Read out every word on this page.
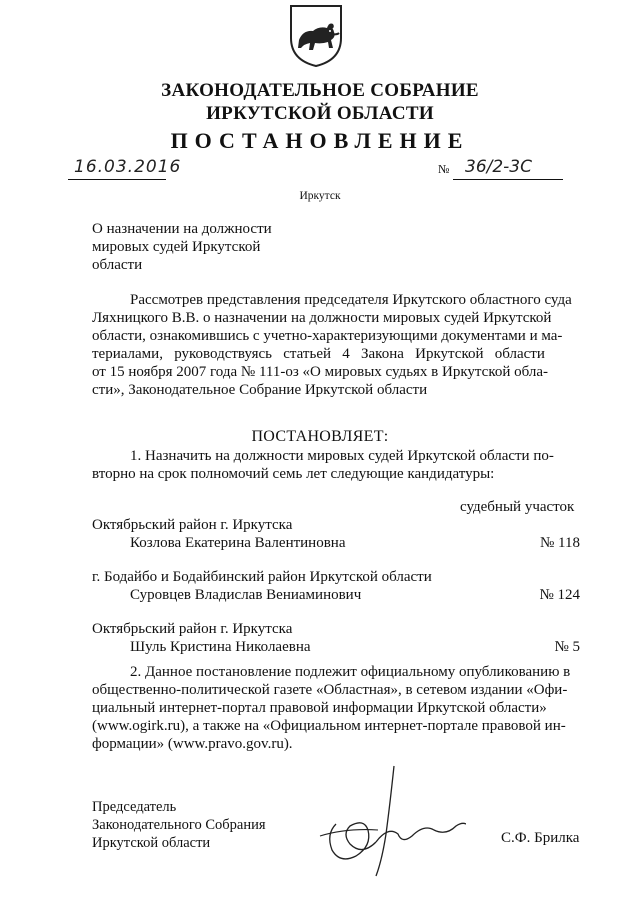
ЗАКОНОДАТЕЛЬНОЕ СОБРАНИЕ
ИРКУТСКОЙ ОБЛАСТИ
ПОСТАНОВЛЕНИЕ
16.03.2016	№ 36/2-3С
Иркутск
О назначении на должности
мировых судей Иркутской
области
Рассмотрев представления председателя Иркутского областного суда
Ляхницкого В.В. о назначении на должности мировых судей Иркутской
области, ознакомившись с учетно-характеризующими документами и ма-
териалами,   руководствуясь   статьей   4   Закона   Иркутской   области
от 15 ноября 2007 года № 111-оз «О мировых судьях в Иркутской обла-
сти», Законодательное Собрание Иркутской области
ПОСТАНОВЛЯЕТ:
1. Назначить на должности мировых судей Иркутской области по-
вторно на срок полномочий семь лет следующие кандидатуры:
судебный участок
Октябрьский район г. Иркутска
Козлова Екатерина Валентиновна	№ 118
г. Бодайбо и Бодайбинский район Иркутской области
Суровцев Владислав Вениаминович	№ 124
Октябрьский район г. Иркутска
Шуль Кристина Николаевна	№ 5
2. Данное постановление подлежит официальному опубликованию в
общественно-политической газете «Областная», в сетевом издании «Офи-
циальный интернет-портал правовой информации Иркутской области»
(www.ogirk.ru), а также на «Официальном интернет-портале правовой ин-
формации» (www.pravo.gov.ru).
Председатель
Законодательного Собрания
Иркутской области	С.Ф. Брилка
